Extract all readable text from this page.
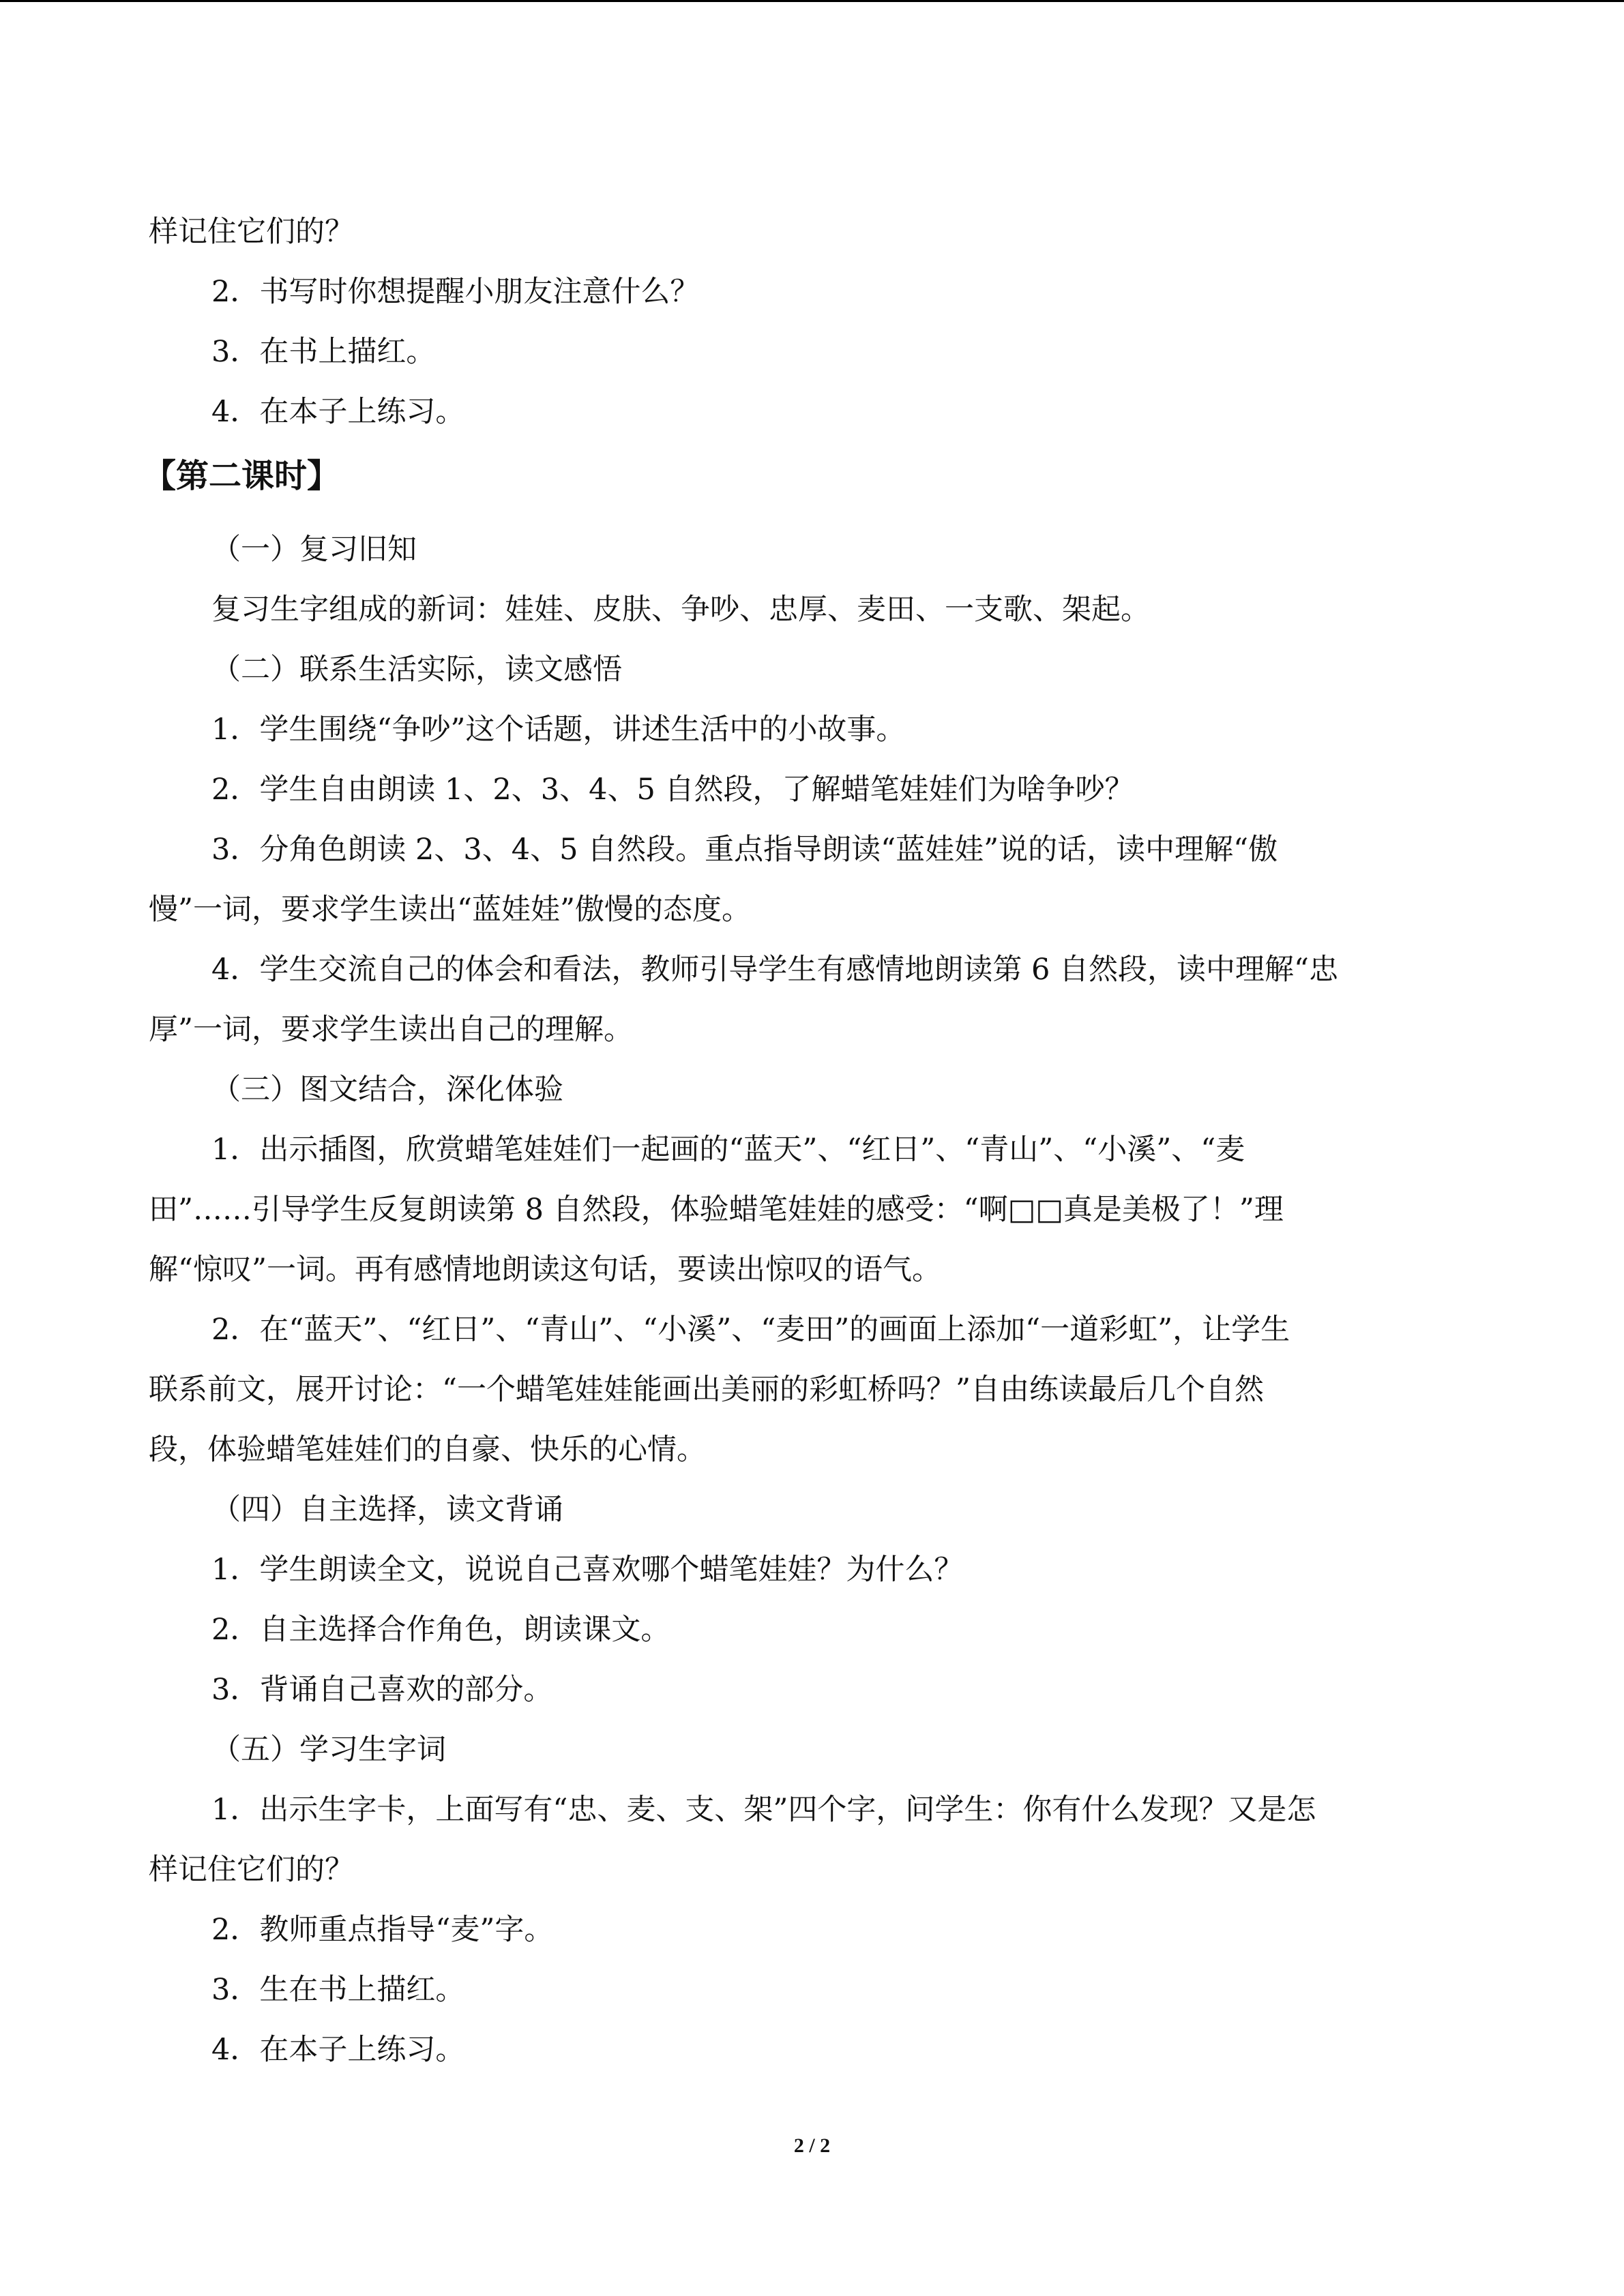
样记住它们的？
2．书写时你想提醒小朋友注意什么？
3．在书上描红。
4．在本子上练习。
【第二课时】
（一）复习旧知
复习生字组成的新词：娃娃、皮肤、争吵、忠厚、麦田、一支歌、架起。
（二）联系生活实际，读文感悟
1．学生围绕“争吵”这个话题，讲述生活中的小故事。
2．学生自由朗读 1、2、3、4、5 自然段，了解蜡笔娃娃们为啥争吵？
3．分角色朗读 2、3、4、5 自然段。重点指导朗读“蓝娃娃”说的话，读中理解“傲
慢”一词，要求学生读出“蓝娃娃”傲慢的态度。
4．学生交流自己的体会和看法，教师引导学生有感情地朗读第 6 自然段，读中理解“忠
厚”一词，要求学生读出自己的理解。
（三）图文结合，深化体验
1．出示插图，欣赏蜡笔娃娃们一起画的“蓝天”、“红日”、“青山”、“小溪”、“麦
田”……引导学生反复朗读第 8 自然段，体验蜡笔娃娃的感受：“啊□□真是美极了！”理
解“惊叹”一词。再有感情地朗读这句话，要读出惊叹的语气。
2．在“蓝天”、“红日”、“青山”、“小溪”、“麦田”的画面上添加“一道彩虹”，让学生
联系前文，展开讨论：“一个蜡笔娃娃能画出美丽的彩虹桥吗？”自由练读最后几个自然
段，体验蜡笔娃娃们的自豪、快乐的心情。
（四）自主选择，读文背诵
1．学生朗读全文，说说自己喜欢哪个蜡笔娃娃？为什么？
2．自主选择合作角色，朗读课文。
3．背诵自己喜欢的部分。
（五）学习生字词
1．出示生字卡，上面写有“忠、麦、支、架”四个字，问学生：你有什么发现？又是怎
样记住它们的？
2．教师重点指导“麦”字。
3．生在书上描红。
4．在本子上练习。
2 / 2
